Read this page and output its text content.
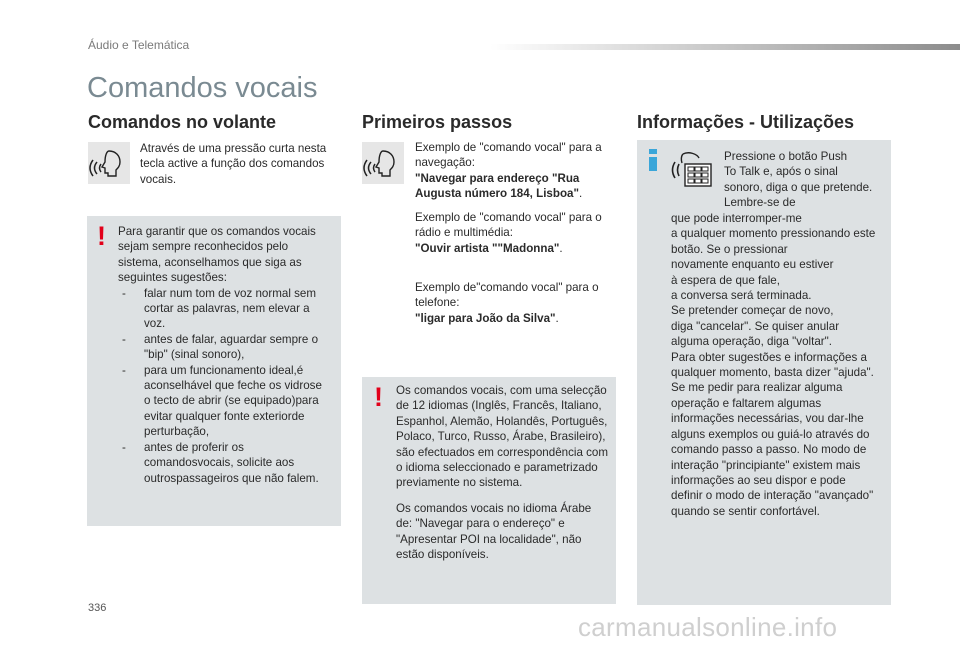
Áudio e Telemática
Comandos vocais
Comandos no volante
Através de uma pressão curta nesta tecla active a função dos comandos vocais.
! Para garantir que os comandos vocais

sejam sempre reconhecidos pelo

sistema, aconselhamos que siga as

seguintes sugestões:

- falar num tom de voz normal sem
cortar as palavras, nem elevar a
voz.
- antes de falar, aguardar sempre o
"bip" (sinal sonoro),
- para um funcionamento ideal,é
aconselhável que feche os vidrose
o tecto de abrir (se equipado)para
evitar qualquer fonte exteriorde
perturbação,
- antes de proferir os
comandosvocais, solicite aos
outrospassageiros que não falem.
Primeiros passos
Exemplo de "comando vocal" para a navegação:
"Navegar para endereço "Rua Augusta número 184, Lisboa".
Exemplo de "comando vocal" para o rádio e multimédia:
"Ouvir artista ""Madonna".
Exemplo de"comando vocal" para o telefone:
"ligar para João da Silva".
! Os comandos vocais, com uma selecção de 12 idiomas (Inglês, Francês, Italiano, Espanhol, Alemão, Holandês, Português, Polaco, Turco, Russo, Árabe, Brasileiro), são efectuados em correspondência com o idioma seleccionado e parametrizado previamente no sistema.

Os comandos vocais no idioma Árabe de: "Navegar para o endereço" e "Apresentar POI na localidade", não estão disponíveis.

Informações - Utilizações
Pressione o botão Push
To Talk e, após o sinal
sonoro, diga o que pretende.
Lembre-se de
que pode interromper-me
a qualquer momento pressionando este
botão. Se o pressionar
novamente enquanto eu estiver
à espera de que fale,
a conversa será terminada.
Se pretender começar de novo,
diga "cancelar". Se quiser anular
alguma operação, diga "voltar".
Para obter sugestões e informações a
qualquer momento, basta dizer "ajuda".
Se me pedir para realizar alguma
operação e faltarem algumas
informações necessárias, vou dar-lhe
alguns exemplos ou guiá-lo através do
comando passo a passo. No modo de
interação "principiante" existem mais
informações ao seu dispor e pode
definir o modo de interação "avançado"
quando se sentir confortável.
336
carmanualsonline.info
